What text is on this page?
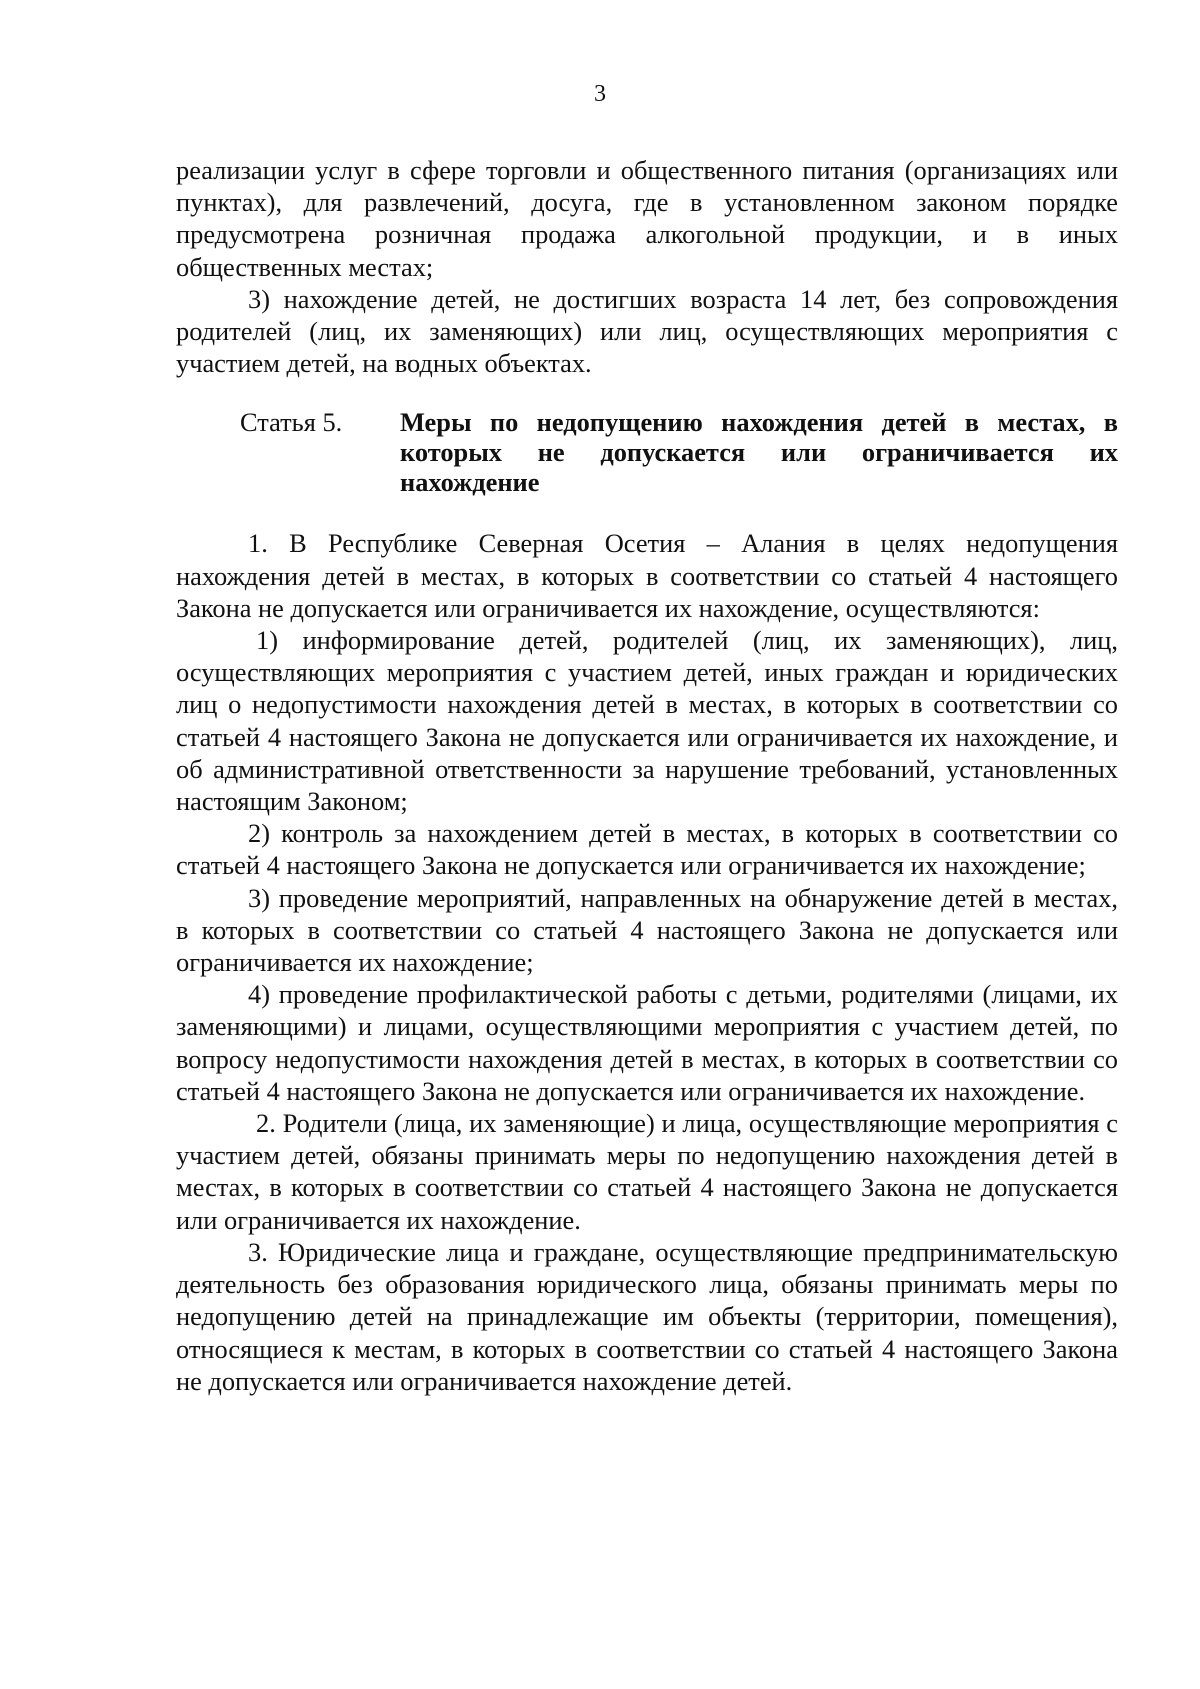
3

реализации услуг в сфере торговли и общественного питания (организациях или пунктах), для развлечений, досуга, где в установленном законом порядке предусмотрена розничная продажа алкогольной продукции, и в иных общественных местах;

3) нахождение детей, не достигших возраста 14 лет, без сопровождения родителей (лиц, их заменяющих) или лиц, осуществляющих мероприятия с участием детей, на водных объектах.

Статья 5.	Меры по недопущению нахождения детей в местах, в которых не допускается или ограничивается их нахождение

1. В Республике Северная Осетия – Алания в целях недопущения нахождения детей в местах, в которых в соответствии со статьей 4 настоящего Закона не допускается или ограничивается их нахождение, осуществляются:

1) информирование детей, родителей (лиц, их заменяющих), лиц, осуществляющих мероприятия с участием детей, иных граждан и юридических лиц о недопустимости нахождения детей в местах, в которых в соответствии со статьей 4 настоящего Закона не допускается или ограничивается их нахождение, и об административной ответственности за нарушение требований, установленных настоящим Законом;

2) контроль за нахождением детей в местах, в которых в соответствии со статьей 4 настоящего Закона не допускается или ограничивается их нахождение;

3) проведение мероприятий, направленных на обнаружение детей в местах, в которых в соответствии со статьей 4 настоящего Закона не допускается или ограничивается их нахождение;

4) проведение профилактической работы с детьми, родителями (лицами, их заменяющими) и лицами, осуществляющими мероприятия с участием детей, по вопросу недопустимости нахождения детей в местах, в которых в соответствии со статьей 4 настоящего Закона не допускается или ограничивается их нахождение.

2. Родители (лица, их заменяющие) и лица, осуществляющие мероприятия с участием детей, обязаны принимать меры по недопущению нахождения детей в местах, в которых в соответствии со статьей 4 настоящего Закона не допускается или ограничивается их нахождение.

3. Юридические лица и граждане, осуществляющие предпринимательскую деятельность без образования юридического лица, обязаны принимать меры по недопущению детей на принадлежащие им объекты (территории, помещения), относящиеся к местам, в которых в соответствии со статьей 4 настоящего Закона не допускается или ограничивается нахождение детей.
